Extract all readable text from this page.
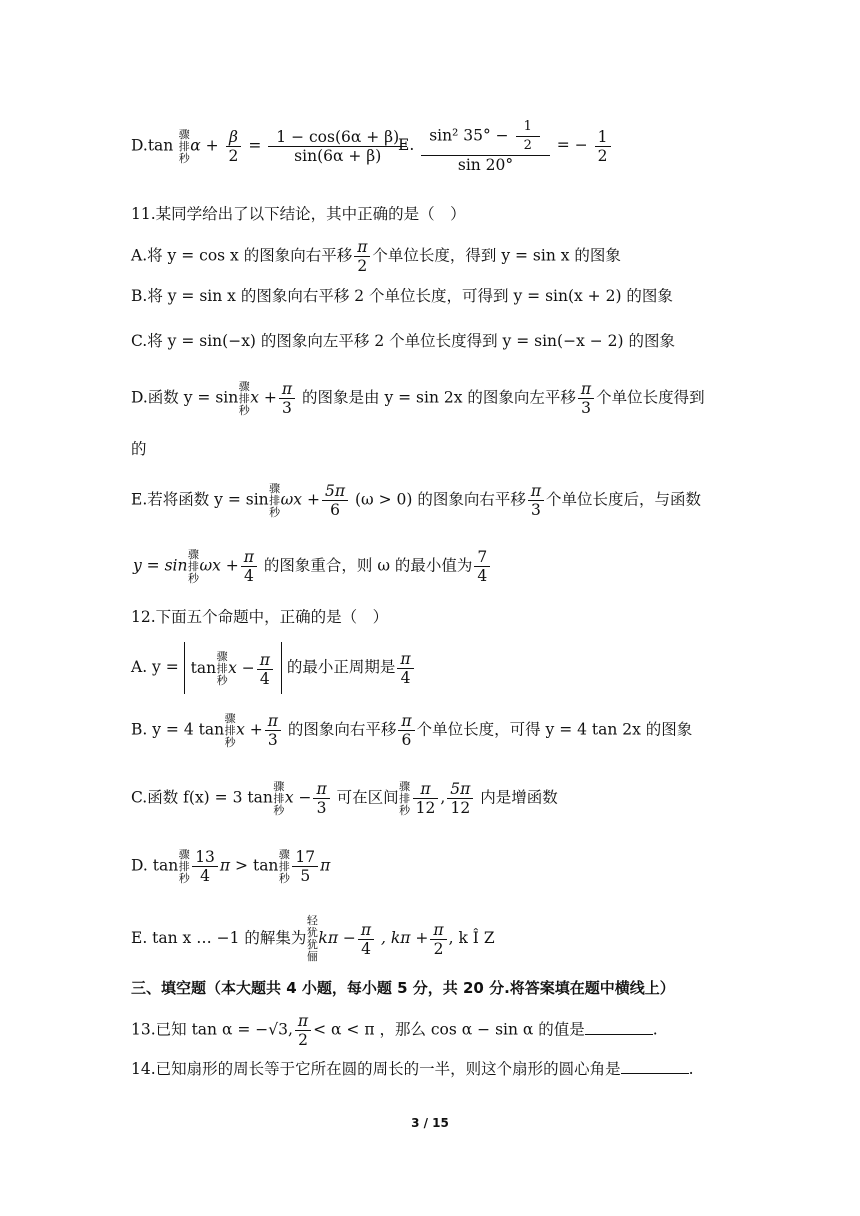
D.tan 骤
排
秒$\alpha + \frac{\beta}{2} = \frac{1 - \cos(6\alpha + \beta)}{\sin(6\alpha + \beta)}$
E. $\frac{\sin^2 35^\circ - \frac{1}{2}}{\sin 20^\circ}$ = − $\frac{1}{2}$
11.某同学给出了以下结论，其中正确的是（　）
A.将 y = cos x 的图象向右平移 $\frac{\pi}{2}$ 个单位长度，得到 y = sin x 的图象
B.将 y = sin x 的图象向右平移 2 个单位长度，可得到 y = sin(x + 2) 的图象
C.将 y = sin(−x) 的图象向左平移 2 个单位长度得到 y = sin(−x − 2) 的图象
D.函数 y = sin骤
排
秒$x + \frac{\pi}{3}$ 的图象是由 y = sin 2x 的图象向左平移 $\frac{\pi}{3}$ 个单位长度得到
的
E.若将函数 y = sin骤
排
秒$\omega x + \frac{5\pi}{6} (\omega > 0)$ 的图象向右平移 $\frac{\pi}{3}$ 个单位长度后，与函数
y = sin骤
排
秒$\omega x + \frac{\pi}{4}$ 的图象重合，则 ω 的最小值为 $\frac{7}{4}$
12.下面五个命题中，正确的是（　）
A. y = tan骤
排
秒$x - \frac{\pi}{4}$ 的最小正周期是 $\frac{\pi}{4}$
B. y = 4 tan骤
排
秒$x + \frac{\pi}{3}$ 的图象向右平移 $\frac{\pi}{6}$ 个单位长度，可得 y = 4 tan 2x 的图象
C.函数 f(x) = 3 tan骤
排
秒$x - \frac{\pi}{3}$ 可在区间骤
排
秒 $\frac{\pi}{12}$ , $\frac{5\pi}{12}$ 内是增函数
D. tan骤
排
秒 $\frac{13}{4}$ π > tan骤
排
秒 $\frac{17}{5}$ π
E. tan x … −1 的解集为轻
犹
犹
俪$k\pi - \frac{\pi}{4}$ , $k\pi + \frac{\pi}{2}$ , k Î Z
三、填空题（本大题共 4 小题，每小题 5 分，共 20 分.将答案填在题中横线上）
13.已知 tan α = −√3, $\frac{\pi}{2} < \alpha < \pi$ ，那么 cos α − sin α 的值是	.
14.已知扇形的周长等于它所在圆的周长的一半，则这个扇形的圆心角是	.
3 / 15
